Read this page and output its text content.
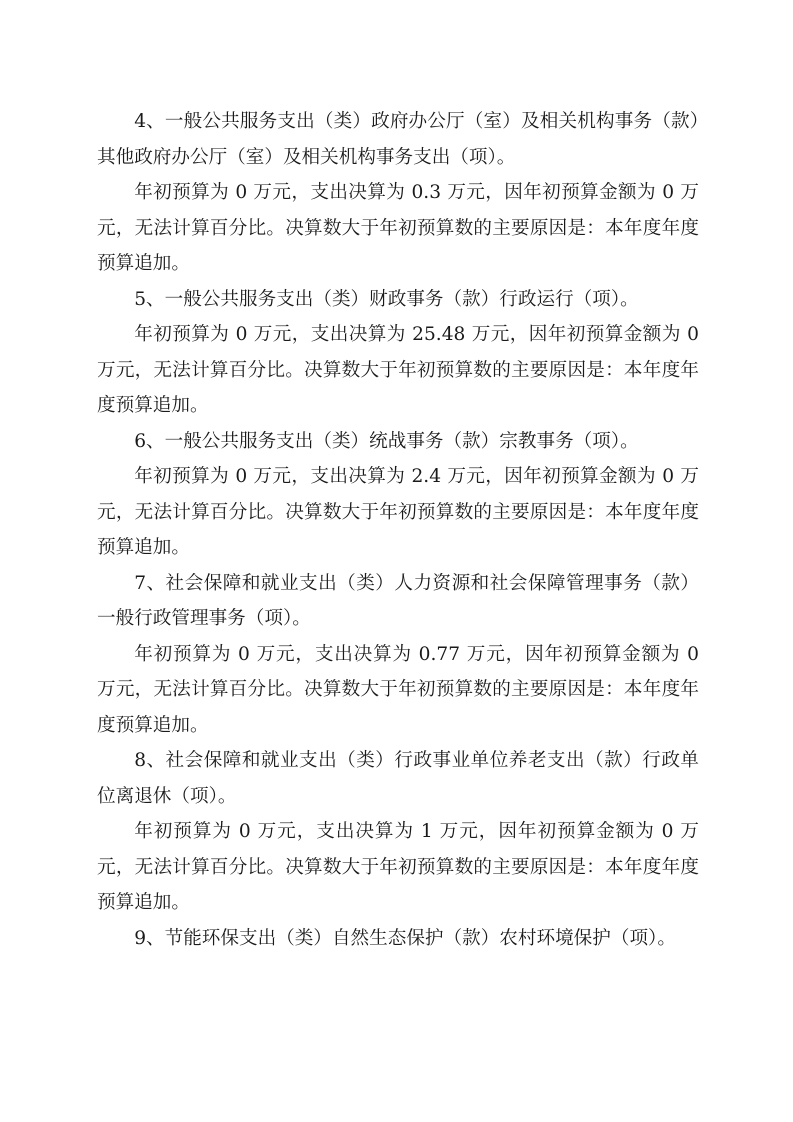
4、一般公共服务支出（类）政府办公厅（室）及相关机构事务（款）其他政府办公厅（室）及相关机构事务支出（项）。

年初预算为 0 万元，支出决算为 0.3 万元，因年初预算金额为 0 万元，无法计算百分比。决算数大于年初预算数的主要原因是：本年度年度预算追加。

5、一般公共服务支出（类）财政事务（款）行政运行（项）。

年初预算为 0 万元，支出决算为 25.48 万元，因年初预算金额为 0 万元，无法计算百分比。决算数大于年初预算数的主要原因是：本年度年度预算追加。

6、一般公共服务支出（类）统战事务（款）宗教事务（项）。

年初预算为 0 万元，支出决算为 2.4 万元，因年初预算金额为 0 万元，无法计算百分比。决算数大于年初预算数的主要原因是：本年度年度预算追加。

7、社会保障和就业支出（类）人力资源和社会保障管理事务（款）一般行政管理事务（项）。

年初预算为 0 万元，支出决算为 0.77 万元，因年初预算金额为 0 万元，无法计算百分比。决算数大于年初预算数的主要原因是：本年度年度预算追加。

8、社会保障和就业支出（类）行政事业单位养老支出（款）行政单位离退休（项）。

年初预算为 0 万元，支出决算为 1 万元，因年初预算金额为 0 万元，无法计算百分比。决算数大于年初预算数的主要原因是：本年度年度预算追加。

9、节能环保支出（类）自然生态保护（款）农村环境保护（项）。
